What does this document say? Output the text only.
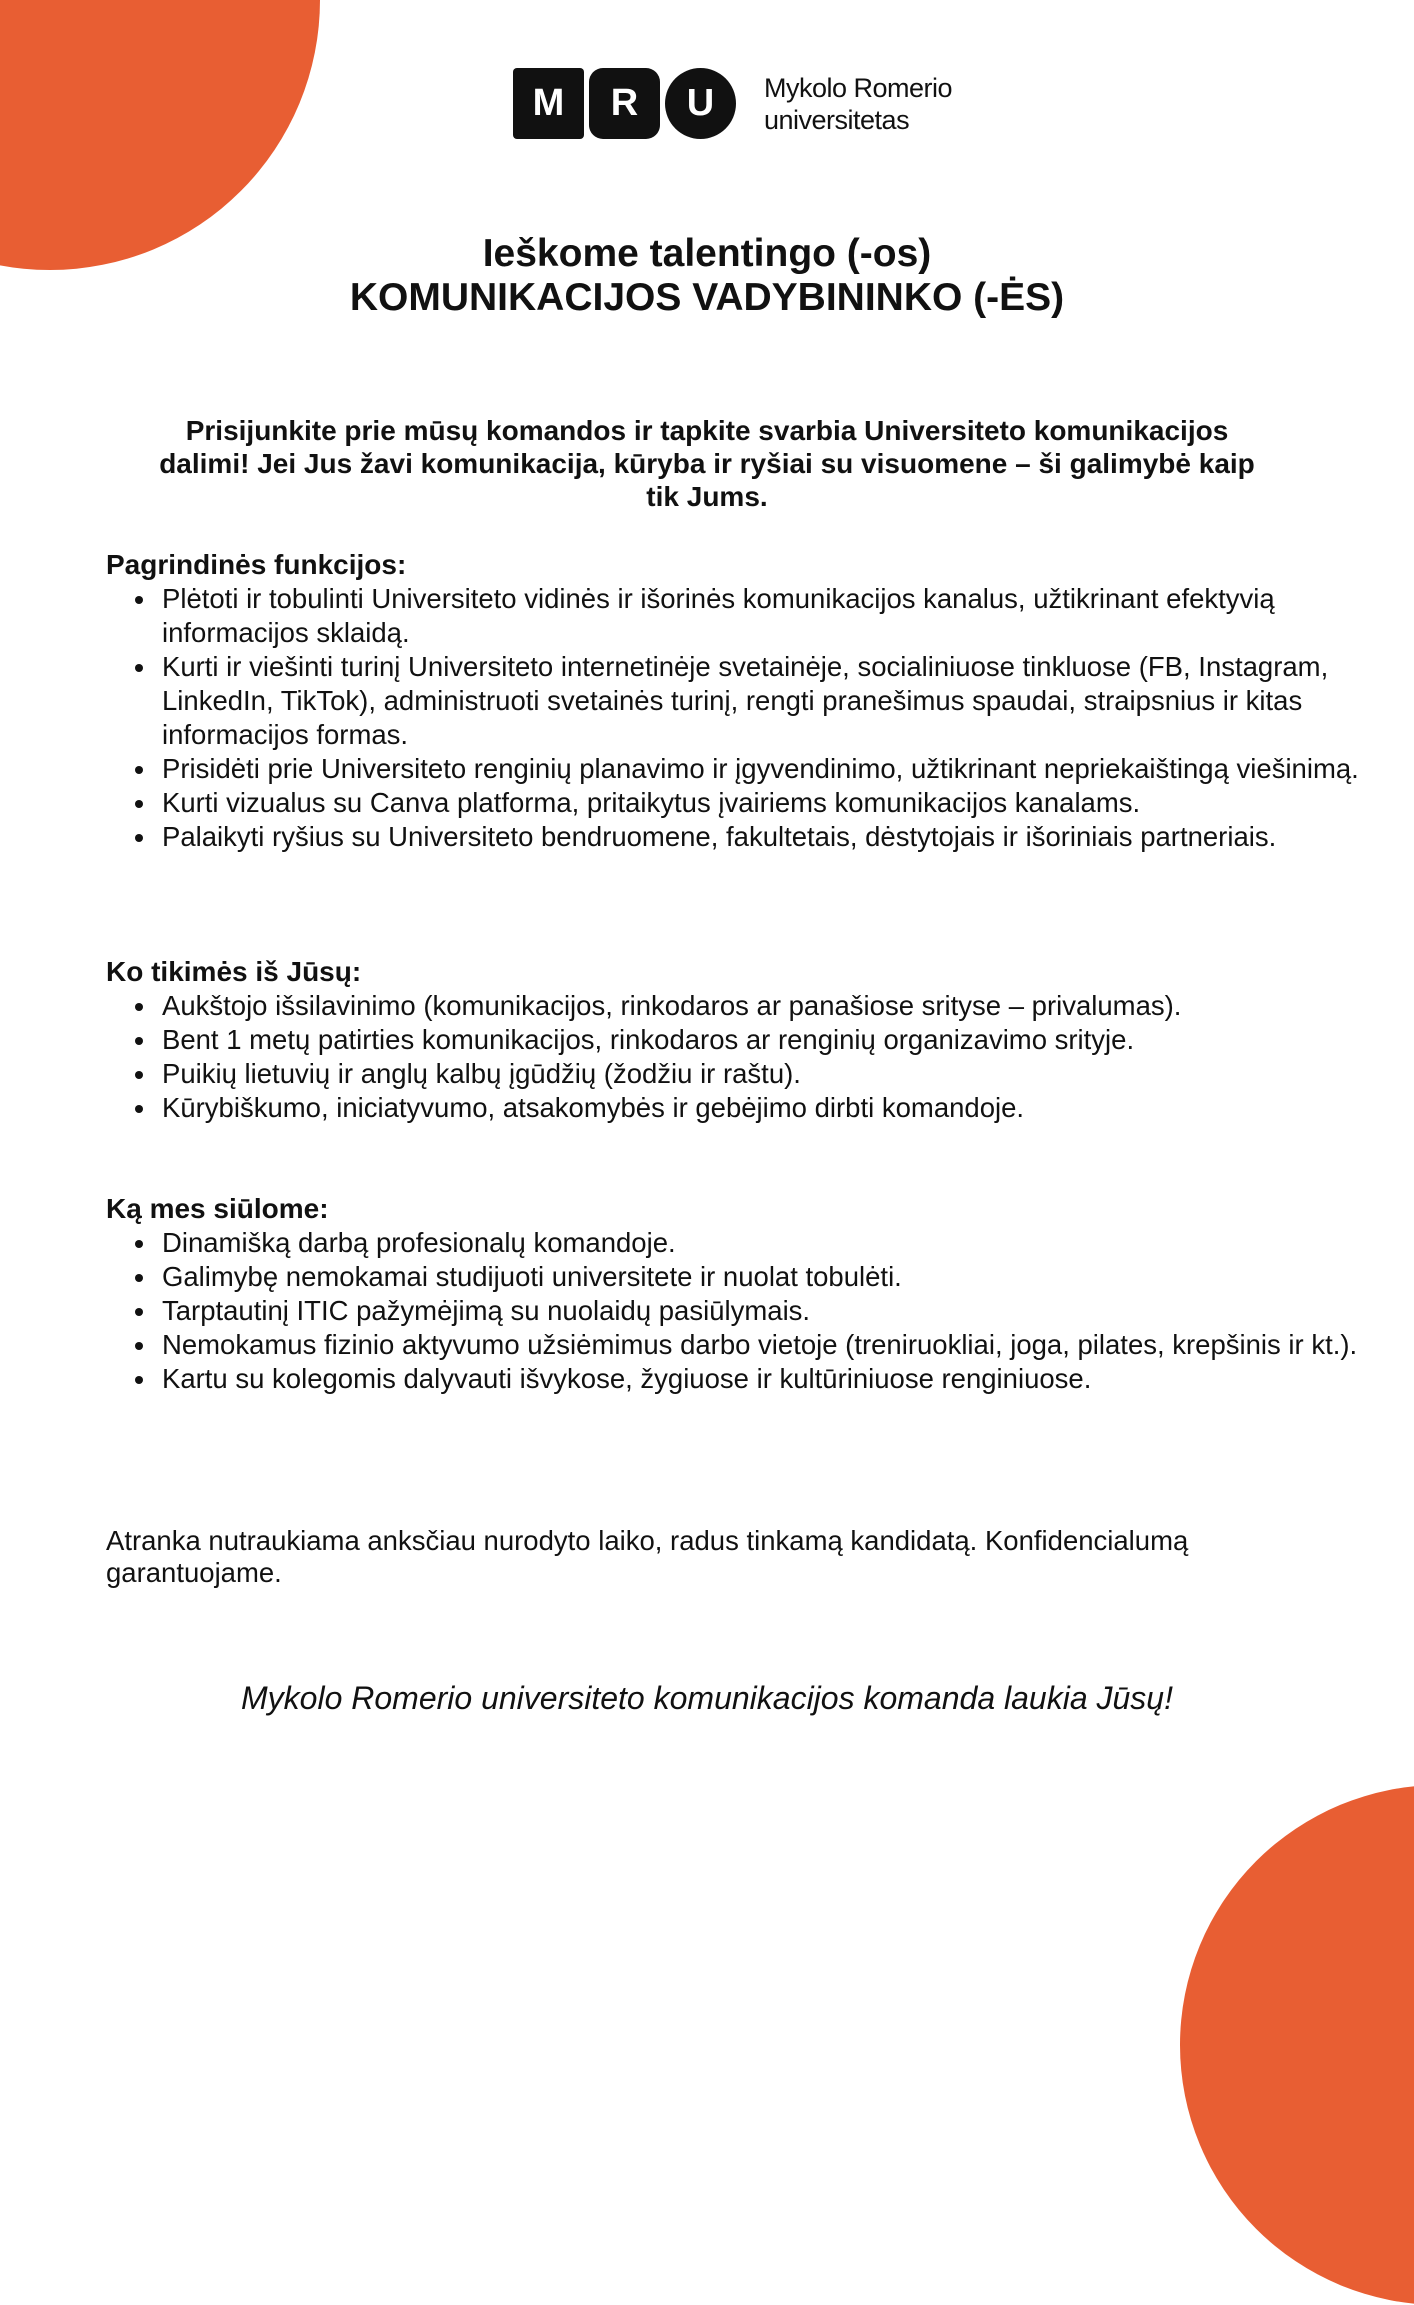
M	R	U	Mykolo Romerio
universitetas
Ieškome talentingo (-os)
KOMUNIKACIJOS VADYBININKO (-ĖS)

Prisijunkite prie mūsų komandos ir tapkite svarbia Universiteto komunikacijos dalimi! Jei Jus žavi komunikacija, kūryba ir ryšiai su visuomene – ši galimybė kaip tik Jums.

Pagrindinės funkcijos:
Plėtoti ir tobulinti Universiteto vidinės ir išorinės komunikacijos kanalus, užtikrinant efektyvią informacijos sklaidą.
Kurti ir viešinti turinį Universiteto internetinėje svetainėje, socialiniuose tinkluose (FB, Instagram, LinkedIn, TikTok), administruoti svetainės turinį, rengti pranešimus spaudai, straipsnius ir kitas informacijos formas.
Prisidėti prie Universiteto renginių planavimo ir įgyvendinimo, užtikrinant nepriekaištingą viešinimą.
Kurti vizualus su Canva platforma, pritaikytus įvairiems komunikacijos kanalams.
Palaikyti ryšius su Universiteto bendruomene, fakultetais, dėstytojais ir išoriniais partneriais.
Ko tikimės iš Jūsų:
Aukštojo išsilavinimo (komunikacijos, rinkodaros ar panašiose srityse – privalumas).
Bent 1 metų patirties komunikacijos, rinkodaros ar renginių organizavimo srityje.
Puikių lietuvių ir anglų kalbų įgūdžių (žodžiu ir raštu).
Kūrybiškumo, iniciatyvumo, atsakomybės ir gebėjimo dirbti komandoje.
Ką mes siūlome:
Dinamišką darbą profesionalų komandoje.
Galimybę nemokamai studijuoti universitete ir nuolat tobulėti.
Tarptautinį ITIC pažymėjimą su nuolaidų pasiūlymais.
Nemokamus fizinio aktyvumo užsiėmimus darbo vietoje (treniruokliai, joga, pilates, krepšinis ir kt.).
Kartu su kolegomis dalyvauti išvykose, žygiuose ir kultūriniuose renginiuose.

Atranka nutraukiama anksčiau nurodyto laiko, radus tinkamą kandidatą. Konfidencialumą garantuojame.

Mykolo Romerio universiteto komunikacijos komanda laukia Jūsų!
